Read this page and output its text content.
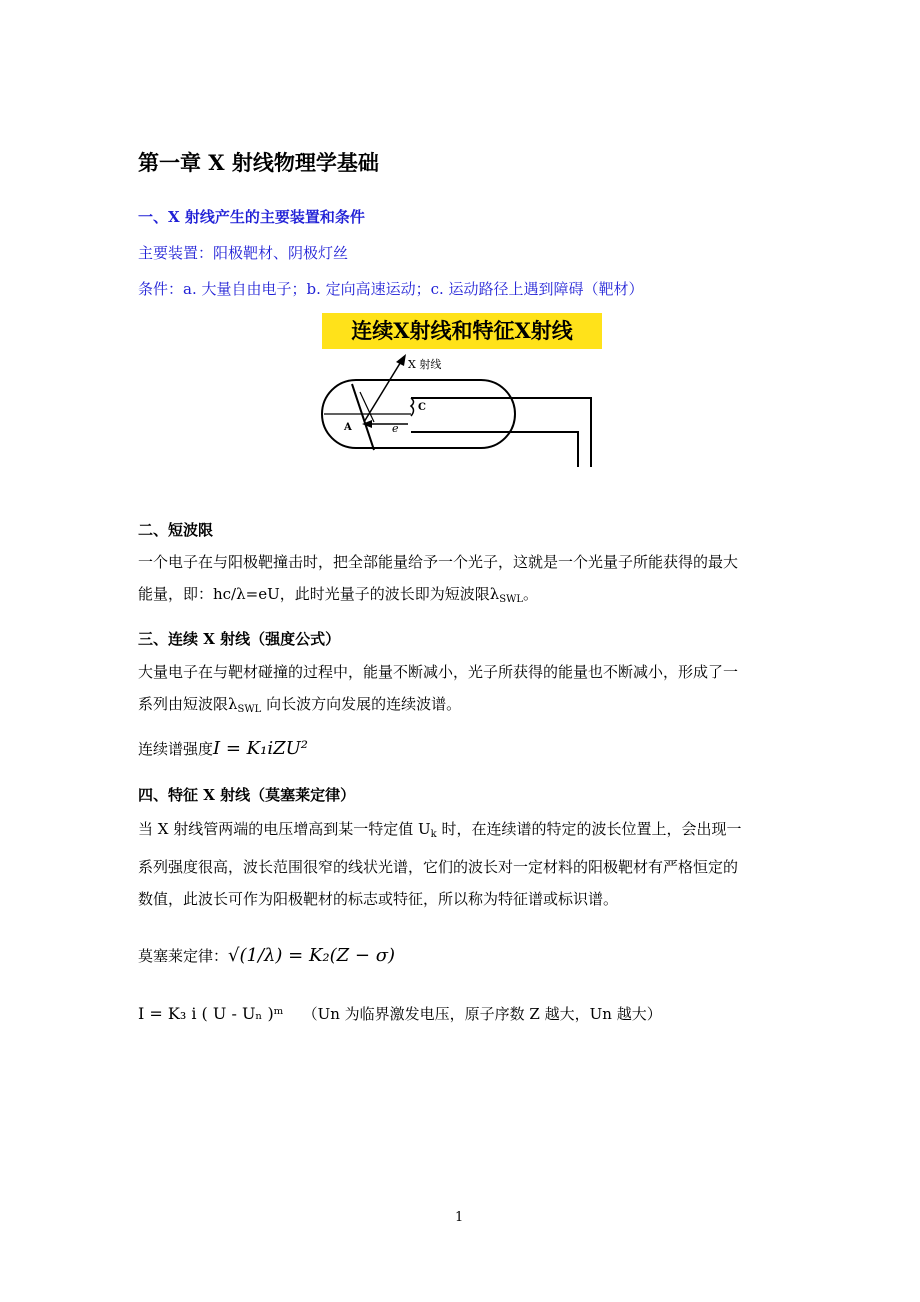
第一章 X 射线物理学基础
一、X 射线产生的主要装置和条件
主要装置：阳极靶材、阴极灯丝
条件：a. 大量自由电子；b. 定向高速运动；c. 运动路径上遇到障碍（靶材）
连续X射线和特征X射线
X 射线
A	e
C
二、短波限
一个电子在与阳极靶撞击时，把全部能量给予一个光子，这就是一个光量子所能获得的最大
能量，即：hc/λ=eU，此时光量子的波长即为短波限$\lambda_{SWL}$。
三、连续 X 射线（强度公式）
大量电子在与靶材碰撞的过程中，能量不断减小，光子所获得的能量也不断减小，形成了一
系列由短波限$\lambda_{SWL}$ 向长波方向发展的连续波谱。
连续谱强度I = K₁iZU²
四、特征 X 射线（莫塞莱定律）
当 X 射线管两端的电压增高到某一特定值 $U_k$ 时，在连续谱的特定的波长位置上，会出现一
系列强度很高，波长范围很窄的线状光谱，它们的波长对一定材料的阳极靶材有严格恒定的
数值，此波长可作为阳极靶材的标志或特征，所以称为特征谱或标识谱。
莫塞莱定律：√(1/λ) = K₂(Z − σ)
I = K₃ i ( U - Uₙ )ᵐ （Un 为临界激发电压，原子序数 Z 越大，Un 越大）
1
